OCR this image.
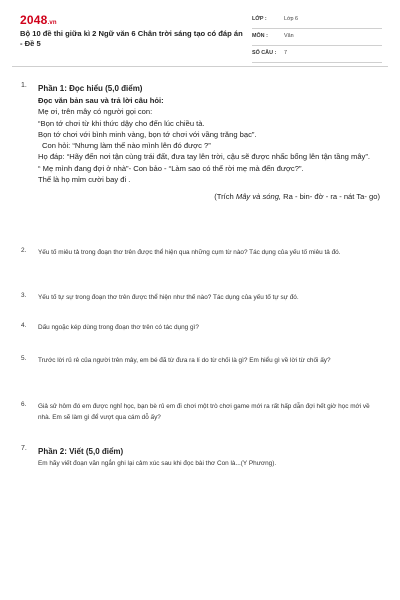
2048.vn
Bộ 10 đề thi giữa kì 2 Ngữ văn 6 Chân trời sáng tạo có đáp án - Đề 5
LỚP :	Lớp 6
MÔN :	Văn
SỐ CÂU : 7
1. Phần 1: Đọc hiểu (5,0 điểm)
Đọc văn bản sau và trả lời câu hỏi:
Mẹ ơi, trên mây có người gọi con:
“Bọn tớ chơi từ khi thức dậy cho đến lúc chiều tà.
Bọn tớ chơi với bình minh vàng, bọn tớ chơi với vầng trăng bạc”.
Con hỏi: “Nhưng làm thế nào mình lên đó được ?”
Họ đáp: “Hãy đến nơi tận cùng trái đất, đưa tay lên trời, cậu sẽ được nhấc bổng lên tận tầng mây”.
“ Mẹ mình đang đợi ở nhà”- Con bảo - “Làm sao có thể rời mẹ mà đến được?”.
Thế là họ mỉm cười bay đi .
(Trích Mây và sóng, Ra - bin- đờ - ra - nát Ta- go)
2. Yếu tố miêu tả trong đoạn thơ trên được thể hiện qua những cụm từ nào? Tác dụng của yếu tố miêu tả đó.
3. Yếu tố tự sự trong đoạn thơ trên được thể hiện như thế nào? Tác dụng của yếu tố tự sự đó.
4. Dấu ngoặc kép dùng trong đoạn thơ trên có tác dụng gì?
5. Trước lời rủ rê của người trên mây, em bé đã từ đưa ra lí do từ chối là gì? Em hiểu gì về lời từ chối ấy?
6. Giả sử hôm đó em được nghỉ học, bạn bè rủ em đi chơi một trò chơi game mới ra rất hấp dẫn đợi hết giờ học mới về nhà. Em sẽ làm gì để vượt qua cám dỗ ấy?
7. Phần 2: Viết (5,0 điểm)
Em hãy viết đoạn văn ngắn ghi lại cảm xúc sau khi đọc bài thơ Con là...(Y Phương).
